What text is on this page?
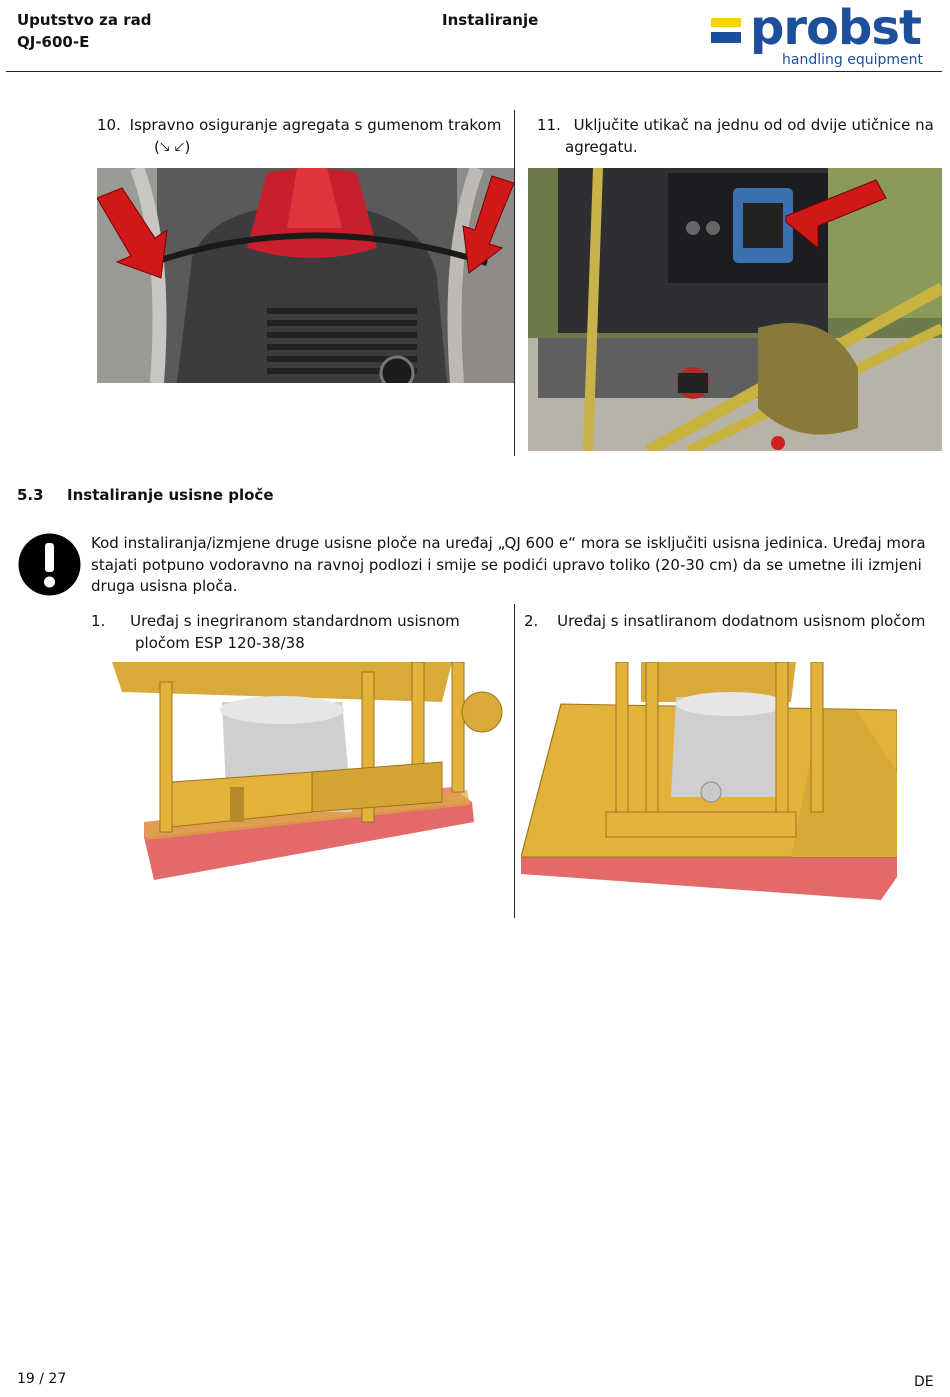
Uputstvo za rad
QJ-600-E
Instaliranje	probst
handling equipment
10. Ispravno osiguranje agregata s gumenom trakom
(🡖 🡗)
11. Uključite utikač na jednu od od dvije utičnice na
agregatu.
5.3 Instaliranje usisne ploče
Kod instaliranja/izmjene druge usisne ploče na uređaj „QJ 600 e“ mora se isključiti usisna jedinica. Uređaj mora stajati potpuno vodoravno na ravnoj podlozi i smije se podići upravo toliko (20-30 cm) da se umetne ili izmjeni druga usisna ploča.
1. Uređaj s inegriranom standardnom usisnom
pločom ESP 120-38/38
2. Uređaj s insatliranom dodatnom usisnom pločom
19 / 27	DE
